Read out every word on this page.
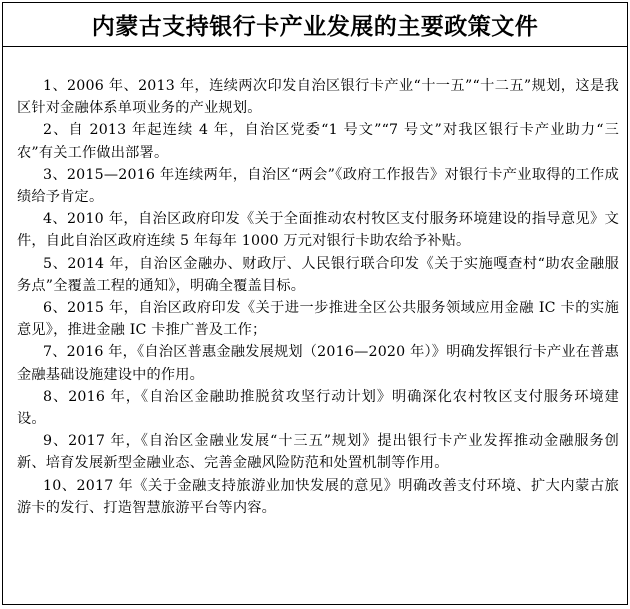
内蒙古支持银行卡产业发展的主要政策文件

1、2006 年、2013 年，连续两次印发自治区银行卡产业“十一五”“十二五”规划，这是我区针对金融体系单项业务的产业规划。

2、自 2013 年起连续 4 年，自治区党委“1 号文”“7 号文”对我区银行卡产业助力“三农”有关工作做出部署。

3、2015—2016 年连续两年，自治区“两会”《政府工作报告》对银行卡产业取得的工作成绩给予肯定。

4、2010 年，自治区政府印发《关于全面推动农村牧区支付服务环境建设的指导意见》文件，自此自治区政府连续 5 年每年 1000 万元对银行卡助农给予补贴。

5、2014 年，自治区金融办、财政厅、人民银行联合印发《关于实施嘎查村“助农金融服务点”全覆盖工程的通知》，明确全覆盖目标。

6、2015 年，自治区政府印发《关于进一步推进全区公共服务领域应用金融 IC 卡的实施意见》，推进金融 IC 卡推广普及工作；

7、2016 年，《自治区普惠金融发展规划（2016—2020 年）》明确发挥银行卡产业在普惠金融基础设施建设中的作用。

8、2016 年，《自治区金融助推脱贫攻坚行动计划》明确深化农村牧区支付服务环境建设。

9、2017 年，《自治区金融业发展“十三五”规划》提出银行卡产业发挥推动金融服务创新、培育发展新型金融业态、完善金融风险防范和处置机制等作用。

10、2017 年《关于金融支持旅游业加快发展的意见》明确改善支付环境、扩大内蒙古旅游卡的发行、打造智慧旅游平台等内容。
